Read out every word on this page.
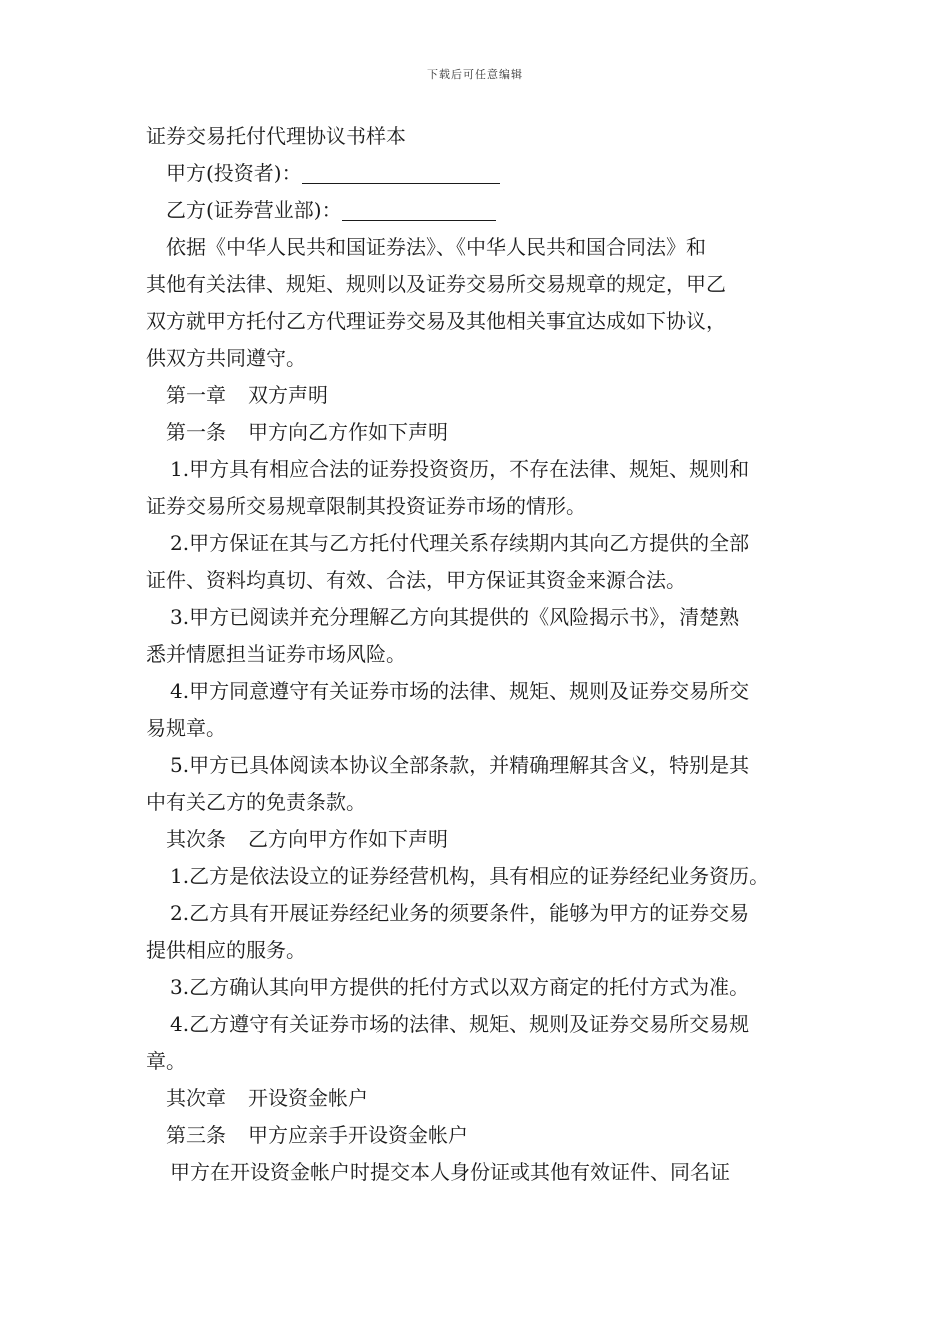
下载后可任意编辑
证券交易托付代理协议书样本
甲方(投资者)：
乙方(证券营业部)：
依据《中华人民共和国证券法》、《中华人民共和国合同法》和
其他有关法律、规矩、规则以及证券交易所交易规章的规定，甲乙
双方就甲方托付乙方代理证券交易及其他相关事宜达成如下协议，
供双方共同遵守。
第一章 双方声明
第一条 甲方向乙方作如下声明
1.甲方具有相应合法的证券投资资历，不存在法律、规矩、规则和
证券交易所交易规章限制其投资证券市场的情形。
2.甲方保证在其与乙方托付代理关系存续期内其向乙方提供的全部
证件、资料均真切、有效、合法，甲方保证其资金来源合法。
3.甲方已阅读并充分理解乙方向其提供的《风险揭示书》，清楚熟
悉并情愿担当证券市场风险。
4.甲方同意遵守有关证券市场的法律、规矩、规则及证券交易所交
易规章。
5.甲方已具体阅读本协议全部条款，并精确理解其含义，特别是其
中有关乙方的免责条款。
其次条 乙方向甲方作如下声明
1.乙方是依法设立的证券经营机构，具有相应的证券经纪业务资历。
2.乙方具有开展证券经纪业务的须要条件，能够为甲方的证券交易
提供相应的服务。
3.乙方确认其向甲方提供的托付方式以双方商定的托付方式为准。
4.乙方遵守有关证券市场的法律、规矩、规则及证券交易所交易规
章。
其次章 开设资金帐户
第三条 甲方应亲手开设资金帐户
甲方在开设资金帐户时提交本人身份证或其他有效证件、同名证
